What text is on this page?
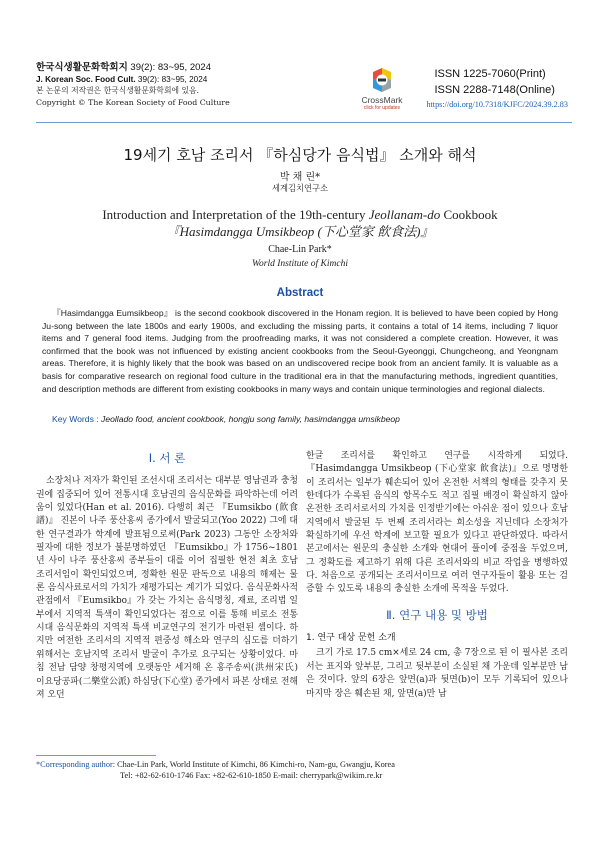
한국식생활문화학회지 39(2): 83~95, 2024
J. Korean Soc. Food Cult. 39(2): 83~95, 2024
본 논문의 저작권은 한국식생활문화학회에 있음.
Copyright © The Korean Society of Food Culture	CrossMark
click for updates
ISSN 1225-7060(Print)
ISSN 2288-7148(Online)
https://doi.org/10.7318/KJFC/2024.39.2.83
19세기 호남 조리서 『하심당가 음식법』 소개와 해석
박 채 린*
세계김치연구소
Introduction and Interpretation of the 19th-century Jeollanam-do Cookbook
『Hasimdangga Umsikbeop (下心堂家 飮食法)』
Chae-Lin Park*
World Institute of Kimchi
Abstract
『Hasimdangga Eumsikbeop』 is the second cookbook discovered in the Honam region. It is believed to have been copied by Hong Ju-song between the late 1800s and early 1900s, and excluding the missing parts, it contains a total of 14 items, including 7 liquor items and 7 general food items. Judging from the proofreading marks, it was not considered a complete creation. However, it was confirmed that the book was not influenced by existing ancient cookbooks from the Seoul-Gyeonggi, Chungcheong, and Yeongnam areas. Therefore, it is highly likely that the book was based on an undiscovered recipe book from an ancient family. It is valuable as a basis for comparative research on regional food culture in the traditional era in that the manufacturing methods, ingredient quantities, and description methods are different from existing cookbooks in many ways and contain unique terminologies and regional dialects.
Key Words : Jeollado food, ancient cookbook, hongju song family, hasimdangga umsikbeop
Ⅰ. 서 론

소장처나 저자가 확인된 조선시대 조리서는 대부분 영남권과 충청권에 집중되어 있어 전통시대 호남권의 음식문화를 파악하는데 어려움이 있었다(Han et al. 2016). 다행히 최근 『Eumsikbo (飮食譜)』 진본이 나주 풍산홍씨 종가에서 발굴되고(Yoo 2022) 그에 대한 연구결과가 학계에 발표됨으로써(Park 2023) 그동안 소장처와 필자에 대한 정보가 불분명하였던 『Eumsikbo』가 1756~1801년 사이 나주 풍산홍씨 종부들이 대를 이어 집필한 현전 최초 호남 조리서임이 확인되었으며, 정확한 원문 판독으로 내용의 해제는 물론 음식사료로서의 가치가 재평가되는 계기가 되었다. 음식문화사적 관점에서 『Eumsikbo』가 갖는 가치는 음식명칭, 재료, 조리법 일부에서 지역적 특색이 확인되었다는 점으로 이를 통해 비로소 전통시대 음식문화의 지역적 특색 비교연구의 전기가 마련된 셈이다. 하지만 여전한 조리서의 지역적 편중성 해소와 연구의 심도를 더하기 위해서는 호남지역 조리서 발굴이 추가로 요구되는 상황이었다. 마침 전남 담양 창평지역에 오랫동안 세거해 온 홍주송씨(洪州宋氏) 이요당공파(二樂堂公派) 하심당(下心堂) 종가에서 파본 상태로 전해져 오던

한글 조리서를 확인하고 연구를 시작하게 되었다. 『Hasimdangga Umsikbeop (下心堂家 飮食法)』으로 명명한 이 조리서는 일부가 훼손되어 있어 온전한 서책의 형태를 갖추지 못한데다가 수록된 음식의 항목수도 적고 집필 배경이 확실하지 않아 온전한 조리서로서의 가치를 인정받기에는 아쉬운 점이 있으나 호남지역에서 발굴된 두 번째 조리서라는 희소성을 지닌데다 소장처가 확실하기에 우선 학계에 보고할 필요가 있다고 판단하였다. 따라서 본고에서는 원문의 충실한 소개와 현대어 풀이에 중점을 두었으며, 그 정확도를 제고하기 위해 다른 조리서와의 비교 작업을 병행하였다. 처음으로 공개되는 조리서이므로 여러 연구자들이 활용 또는 검증할 수 있도록 내용의 충실한 소개에 목적을 두었다.

Ⅱ. 연구 내용 및 방법
1. 연구 대상 문헌 소개

크기 가로 17.5 cm×세로 24 cm, 총 7장으로 된 이 필사본 조리서는 표지와 앞부분, 그리고 뒷부분이 소실된 채 가운데 일부분만 남은 것이다. 앞의 6장은 앞면(a)과 뒷면(b)이 모두 기록되어 있으나 마지막 장은 훼손된 채, 앞면(a)만 남

*Corresponding author: Chae-Lin Park, World Institute of Kimchi, 86 Kimchi-ro, Nam-gu, Gwangju, Korea
Tel: +82-62-610-1746 Fax: +82-62-610-1850 E-mail: cherrypark@wikim.re.kr
